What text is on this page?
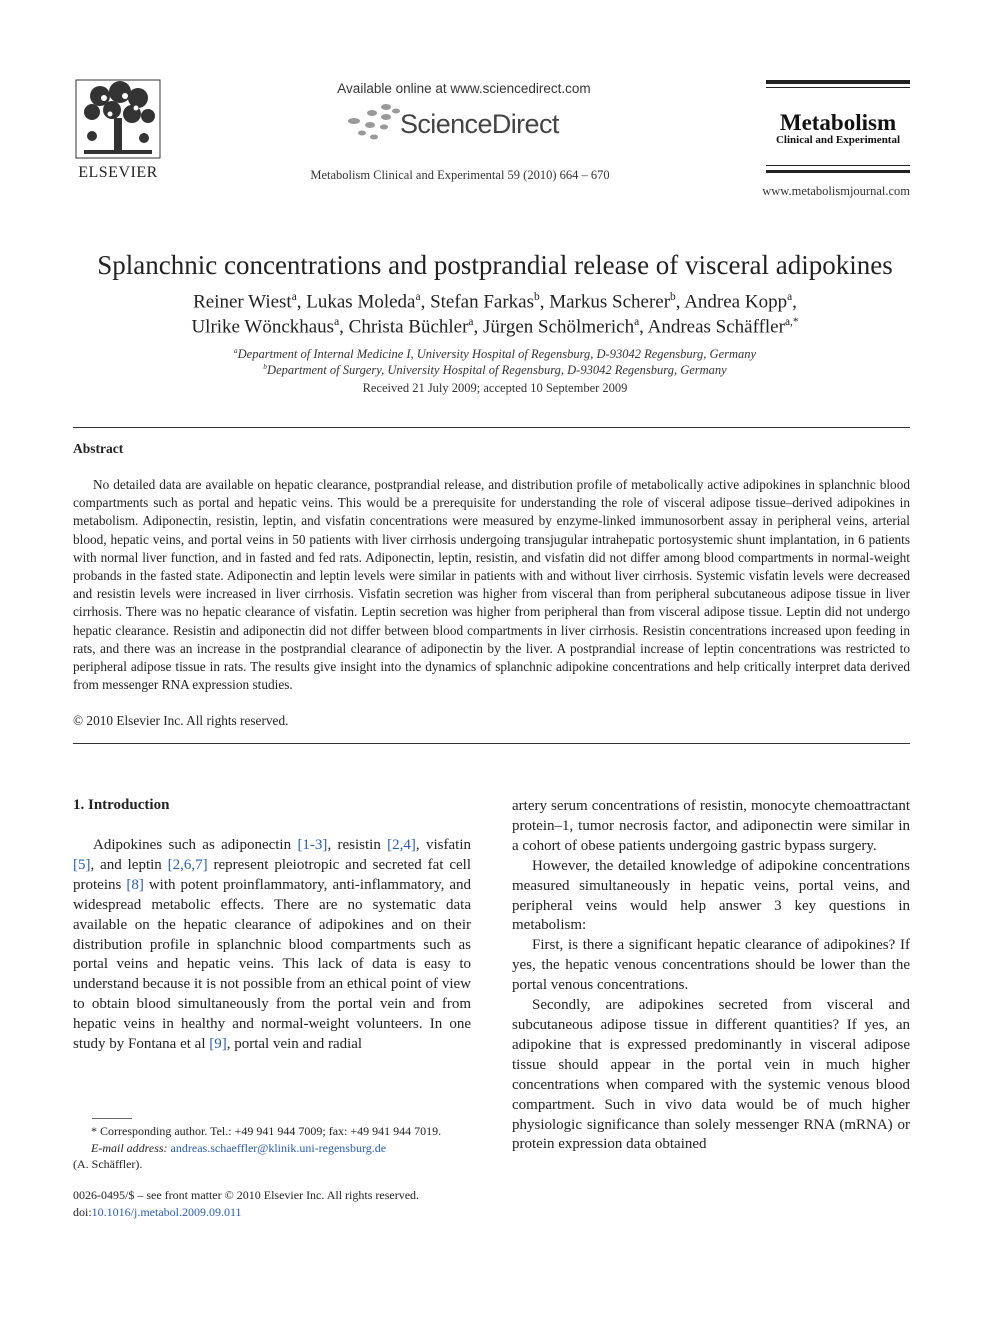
ELSEVIER
Available online at www.sciencedirect.com
ScienceDirect
Metabolism Clinical and Experimental 59 (2010) 664 – 670
Metabolism
Clinical and Experimental
www.metabolismjournal.com
Splanchnic concentrations and postprandial release of visceral adipokines
Reiner Wiest$^a$, Lukas Moleda$^a$, Stefan Farkas$^b$, Markus Scherer$^b$, Andrea Kopp$^a$,
Ulrike Wönckhaus$^a$, Christa Büchler$^a$, Jürgen Schölmerich$^a$, Andreas Schäffler$^{a,*}$
$^a$Department of Internal Medicine I, University Hospital of Regensburg, D-93042 Regensburg, Germany
$^b$Department of Surgery, University Hospital of Regensburg, D-93042 Regensburg, Germany
Received 21 July 2009; accepted 10 September 2009
Abstract
No detailed data are available on hepatic clearance, postprandial release, and distribution profile of metabolically active adipokines in splanchnic blood compartments such as portal and hepatic veins. This would be a prerequisite for understanding the role of visceral adipose tissue–derived adipokines in metabolism. Adiponectin, resistin, leptin, and visfatin concentrations were measured by enzyme-linked immunosorbent assay in peripheral veins, arterial blood, hepatic veins, and portal veins in 50 patients with liver cirrhosis undergoing transjugular intrahepatic portosystemic shunt implantation, in 6 patients with normal liver function, and in fasted and fed rats. Adiponectin, leptin, resistin, and visfatin did not differ among blood compartments in normal-weight probands in the fasted state. Adiponectin and leptin levels were similar in patients with and without liver cirrhosis. Systemic visfatin levels were decreased and resistin levels were increased in liver cirrhosis. Visfatin secretion was higher from visceral than from peripheral subcutaneous adipose tissue in liver cirrhosis. There was no hepatic clearance of visfatin. Leptin secretion was higher from peripheral than from visceral adipose tissue. Leptin did not undergo hepatic clearance. Resistin and adiponectin did not differ between blood compartments in liver cirrhosis. Resistin concentrations increased upon feeding in rats, and there was an increase in the postprandial clearance of adiponectin by the liver. A postprandial increase of leptin concentrations was restricted to peripheral adipose tissue in rats. The results give insight into the dynamics of splanchnic adipokine concentrations and help critically interpret data derived from messenger RNA expression studies.
© 2010 Elsevier Inc. All rights reserved.
1. Introduction

Adipokines such as adiponectin [1-3], resistin [2,4], visfatin [5], and leptin [2,6,7] represent pleiotropic and secreted fat cell proteins [8] with potent proinflammatory, anti-inflammatory, and widespread metabolic effects. There are no systematic data available on the hepatic clearance of adipokines and on their distribution profile in splanchnic blood compartments such as portal veins and hepatic veins. This lack of data is easy to understand because it is not possible from an ethical point of view to obtain blood simultaneously from the portal vein and from hepatic veins in healthy and normal-weight volunteers. In one study by Fontana et al [9], portal vein and radial

artery serum concentrations of resistin, monocyte chemoattractant protein–1, tumor necrosis factor, and adiponectin were similar in a cohort of obese patients undergoing gastric bypass surgery.

However, the detailed knowledge of adipokine concentrations measured simultaneously in hepatic veins, portal veins, and peripheral veins would help answer 3 key questions in metabolism:

First, is there a significant hepatic clearance of adipokines? If yes, the hepatic venous concentrations should be lower than the portal venous concentrations.

Secondly, are adipokines secreted from visceral and subcutaneous adipose tissue in different quantities? If yes, an adipokine that is expressed predominantly in visceral adipose tissue should appear in the portal vein in much higher concentrations when compared with the systemic venous blood compartment. Such in vivo data would be of much higher physiologic significance than solely messenger RNA (mRNA) or protein expression data obtained

* Corresponding author. Tel.: +49 941 944 7009; fax: +49 941 944 7019.
E-mail address: andreas.schaeffler@klinik.uni-regensburg.de
(A. Schäffler).
0026-0495/$ – see front matter © 2010 Elsevier Inc. All rights reserved.
doi:10.1016/j.metabol.2009.09.011
